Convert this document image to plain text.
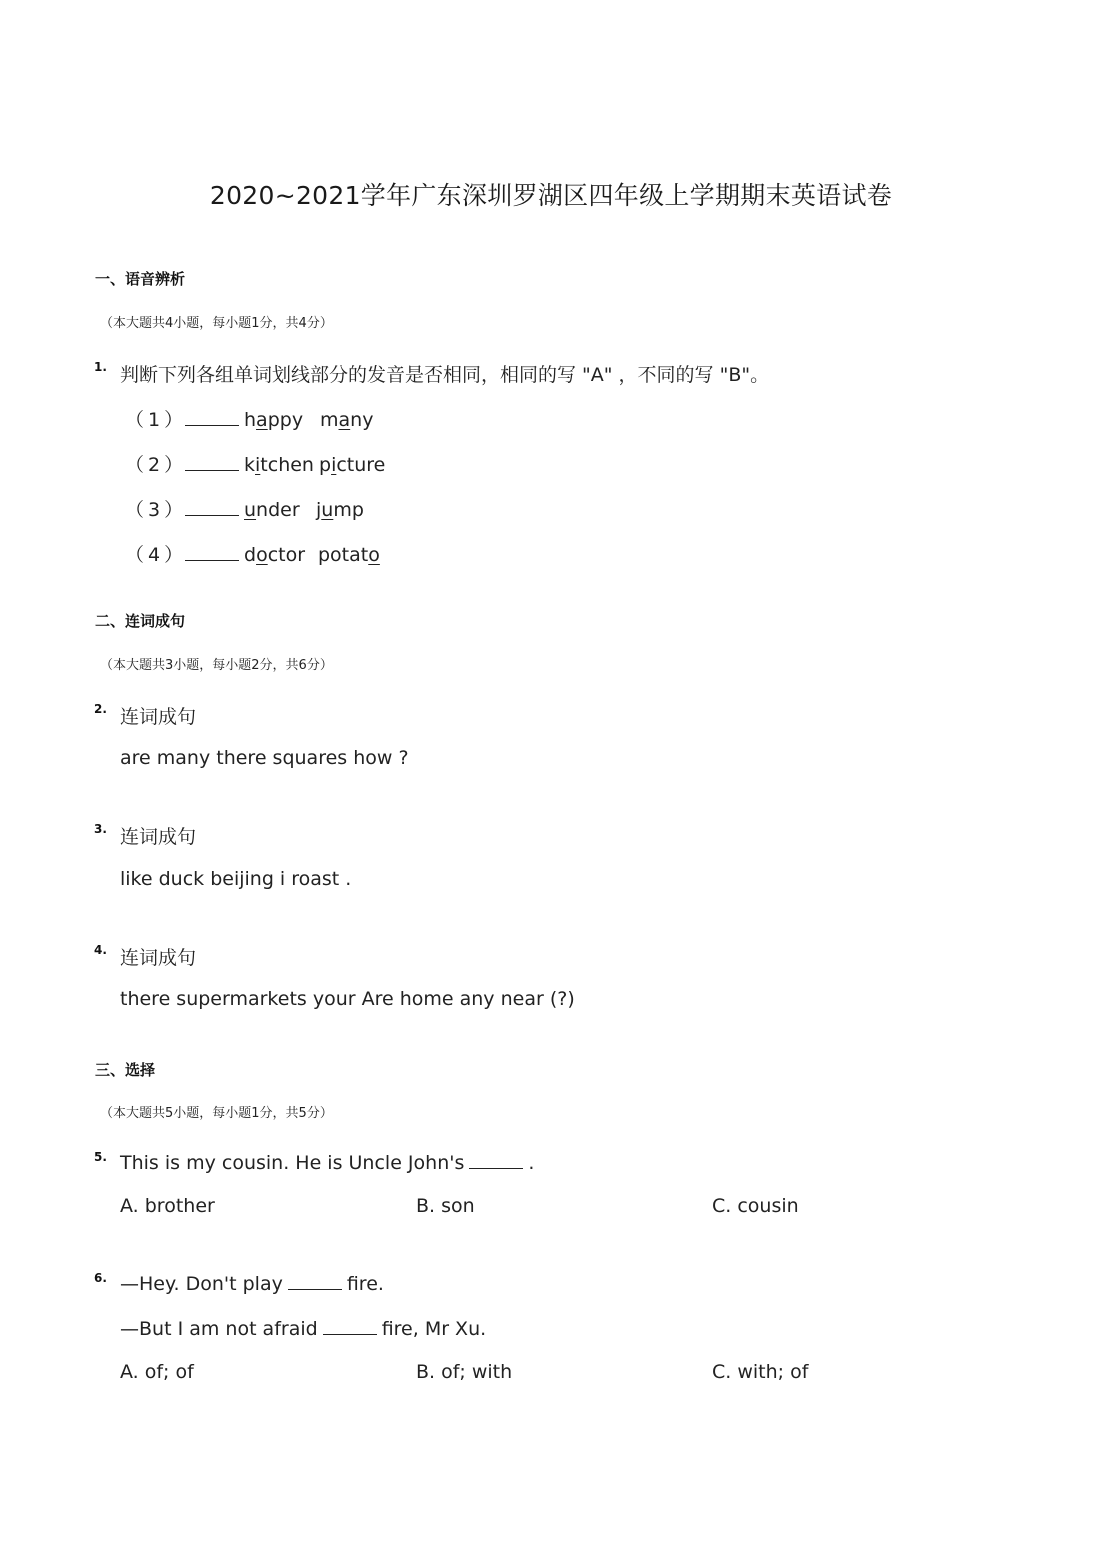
2020~2021学年广东深圳罗湖区四年级上学期期末英语试卷
一、语音辨析
（本大题共4小题，每小题1分，共4分）
1. 判断下列各组单词划线部分的发音是否相同，相同的写 "A" ，不同的写 "B"。
（1）	happy many
（2）	kitchen picture
（3）	under jump
（4）	doctor potato
二、连词成句
（本大题共3小题，每小题2分，共6分）
2. 连词成句
are many there squares how ?
3. 连词成句
like duck beijing i roast .
4. 连词成句
there supermarkets your Are home any near (?)
三、选择
（本大题共5小题，每小题1分，共5分）
5. This is my cousin. He is Uncle John's	.
A. brother	B. son	C. cousin
6. —Hey. Don't play	fire.
—But I am not afraid	fire, Mr Xu.
A. of; of	B. of; with	C. with; of
